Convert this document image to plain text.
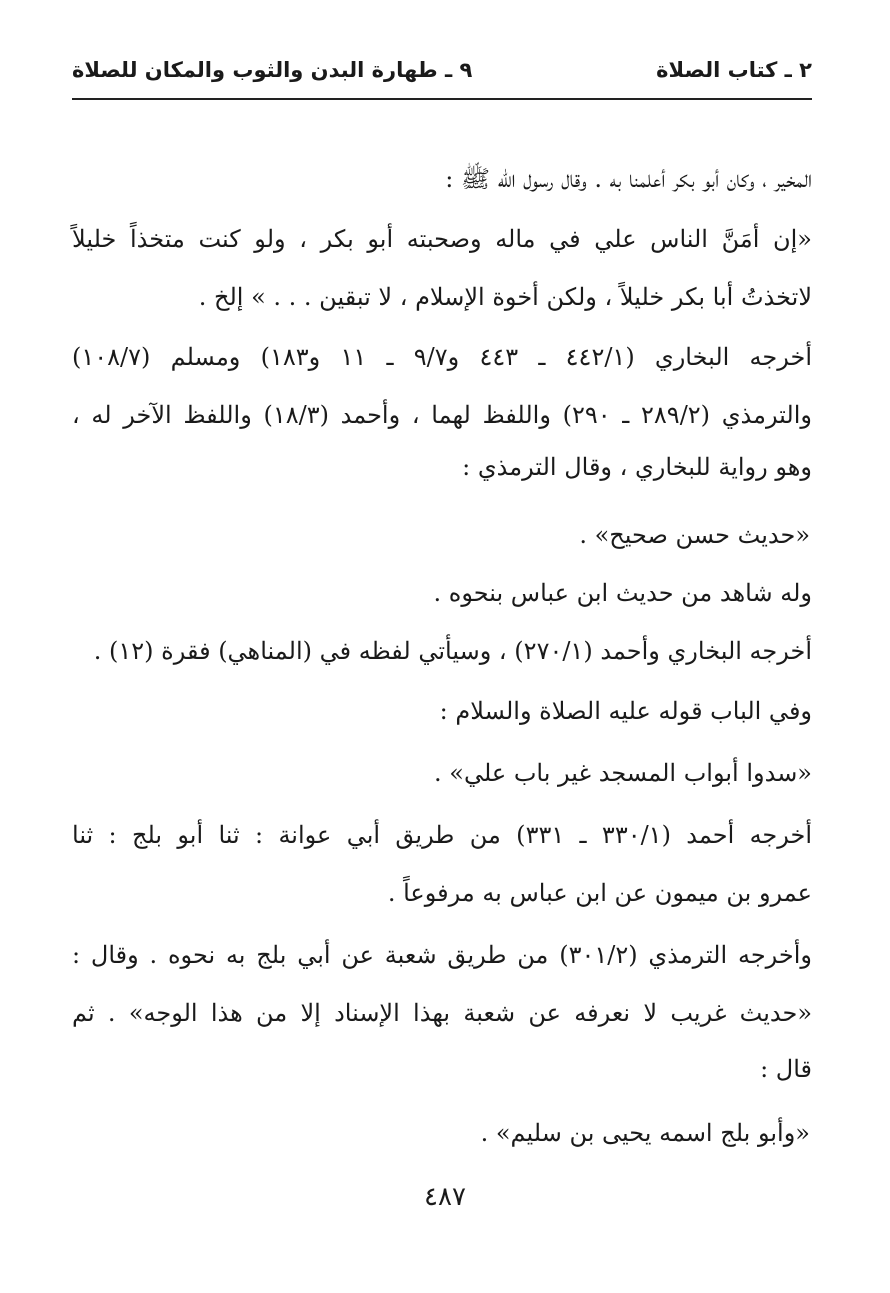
٢ ـ كتاب الصلاة
٩ ـ طهارة البدن والثوب والمكان للصلاة
المخير ، وكان أبو بكر أعلمنا به . وقال رسول الله ﷺ :
«إن أمَنَّ الناس علي في ماله وصحبته أبو بكر ، ولو كنت متخذاً خليلاً
لاتخذتُ أبا بكر خليلاً ، ولكن أخوة الإسلام ، لا تبقين . . . » إلخ .
أخرجه البخاري (٤٤٢/١ ـ ٤٤٣ و٩/٧ ـ ١١ و١٨٣) ومسلم (١٠٨/٧)
والترمذي (٢٨٩/٢ ـ ٢٩٠) واللفظ لهما ، وأحمد (١٨/٣) واللفظ الآخر له ،
وهو رواية للبخاري ، وقال الترمذي :
«حديث حسن صحيح» .
وله شاهد من حديث ابن عباس بنحوه .
أخرجه البخاري وأحمد (٢٧٠/١) ، وسيأتي لفظه في (المناهي) فقرة (١٢) .
وفي الباب قوله عليه الصلاة والسلام :
«سدوا أبواب المسجد غير باب علي» .
أخرجه أحمد (٣٣٠/١ ـ ٣٣١) من طريق أبي عوانة : ثنا أبو بلج : ثنا
عمرو بن ميمون عن ابن عباس به مرفوعاً .
وأخرجه الترمذي (٣٠١/٢) من طريق شعبة عن أبي بلج به نحوه . وقال :
«حديث غريب لا نعرفه عن شعبة بهذا الإسناد إلا من هذا الوجه» . ثم
قال :
«وأبو بلج اسمه يحيى بن سليم» .
٤٨٧
